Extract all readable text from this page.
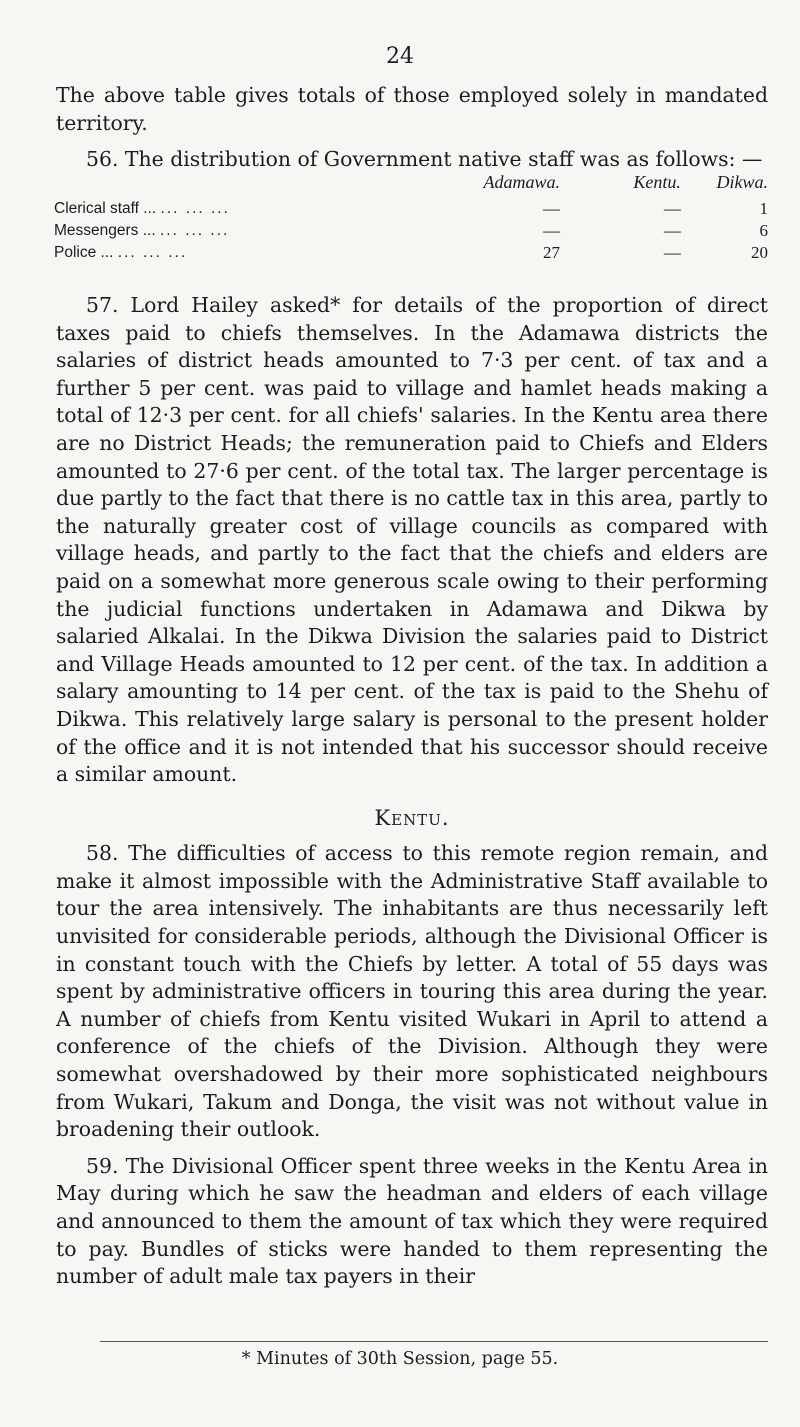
24

The above table gives totals of those employed solely in mandated territory.

56. The distribution of Government native staff was as follows: —

	Adamawa.	Kentu.	Dikwa.
Clerical staff ... ... ... ...	—	—	1
Messengers ... ... ... ...	—	—	6
Police ... ... ... ...	27	—	20

57. Lord Hailey asked* for details of the proportion of direct taxes paid to chiefs themselves. In the Adamawa districts the salaries of district heads amounted to 7·3 per cent. of tax and a further 5 per cent. was paid to village and hamlet heads making a total of 12·3 per cent. for all chiefs' salaries. In the Kentu area there are no District Heads; the remuneration paid to Chiefs and Elders amounted to 27·6 per cent. of the total tax. The larger percentage is due partly to the fact that there is no cattle tax in this area, partly to the naturally greater cost of village councils as compared with village heads, and partly to the fact that the chiefs and elders are paid on a somewhat more generous scale owing to their performing the judicial functions undertaken in Adamawa and Dikwa by salaried Alkalai. In the Dikwa Division the salaries paid to District and Village Heads amounted to 12 per cent. of the tax. In addition a salary amounting to 14 per cent. of the tax is paid to the Shehu of Dikwa. This relatively large salary is personal to the present holder of the office and it is not intended that his successor should receive a similar amount.

Kentu.

58. The difficulties of access to this remote region remain, and make it almost impossible with the Administrative Staff available to tour the area intensively. The inhabitants are thus necessarily left unvisited for considerable periods, although the Divisional Officer is in constant touch with the Chiefs by letter. A total of 55 days was spent by administrative officers in touring this area during the year. A number of chiefs from Kentu visited Wukari in April to attend a conference of the chiefs of the Division. Although they were somewhat overshadowed by their more sophisticated neighbours from Wukari, Takum and Donga, the visit was not without value in broadening their outlook.

59. The Divisional Officer spent three weeks in the Kentu Area in May during which he saw the headman and elders of each village and announced to them the amount of tax which they were required to pay. Bundles of sticks were handed to them representing the number of adult male tax payers in their

* Minutes of 30th Session, page 55.
